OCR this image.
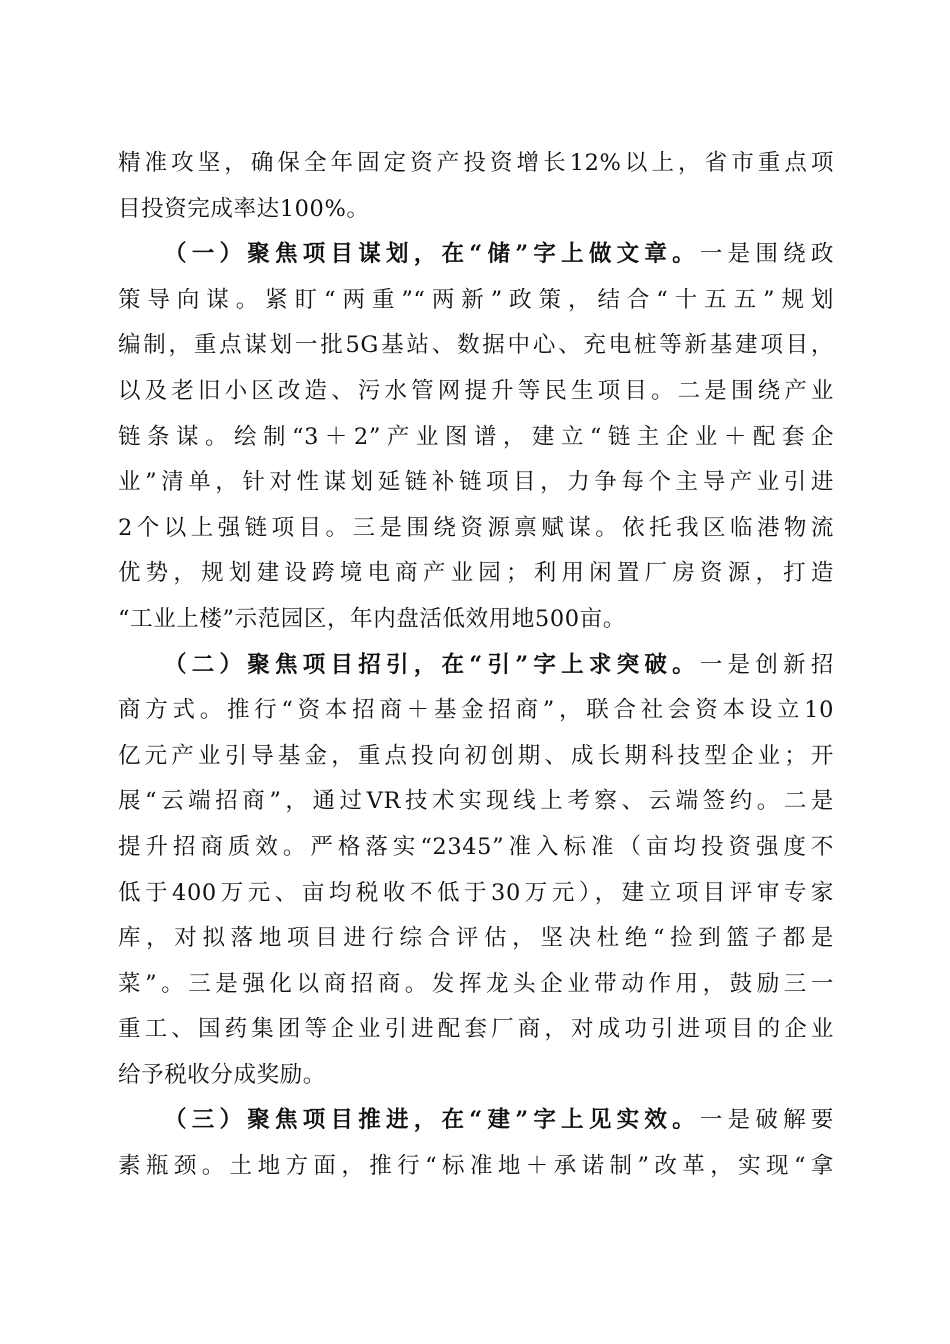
精准攻坚，确保全年固定资产投资增长12%以上，省市重点项
目投资完成率达100%。
（一）聚焦项目谋划，在“储”字上做文章。一是围绕政
策导向谋。紧盯“两重”“两新”政策，结合“十五五”规划
编制，重点谋划一批5G基站、数据中心、充电桩等新基建项目，
以及老旧小区改造、污水管网提升等民生项目。二是围绕产业
链条谋。绘制“3＋2”产业图谱，建立“链主企业＋配套企
业”清单，针对性谋划延链补链项目，力争每个主导产业引进
2个以上强链项目。三是围绕资源禀赋谋。依托我区临港物流
优势，规划建设跨境电商产业园；利用闲置厂房资源，打造
“工业上楼”示范园区，年内盘活低效用地500亩。
（二）聚焦项目招引，在“引”字上求突破。一是创新招
商方式。推行“资本招商＋基金招商”，联合社会资本设立10
亿元产业引导基金，重点投向初创期、成长期科技型企业；开
展“云端招商”，通过VR技术实现线上考察、云端签约。二是
提升招商质效。严格落实“2345”准入标准（亩均投资强度不
低于400万元、亩均税收不低于30万元），建立项目评审专家
库，对拟落地项目进行综合评估，坚决杜绝“捡到篮子都是
菜”。三是强化以商招商。发挥龙头企业带动作用，鼓励三一
重工、国药集团等企业引进配套厂商，对成功引进项目的企业
给予税收分成奖励。
（三）聚焦项目推进，在“建”字上见实效。一是破解要
素瓶颈。土地方面，推行“标准地＋承诺制”改革，实现“拿
